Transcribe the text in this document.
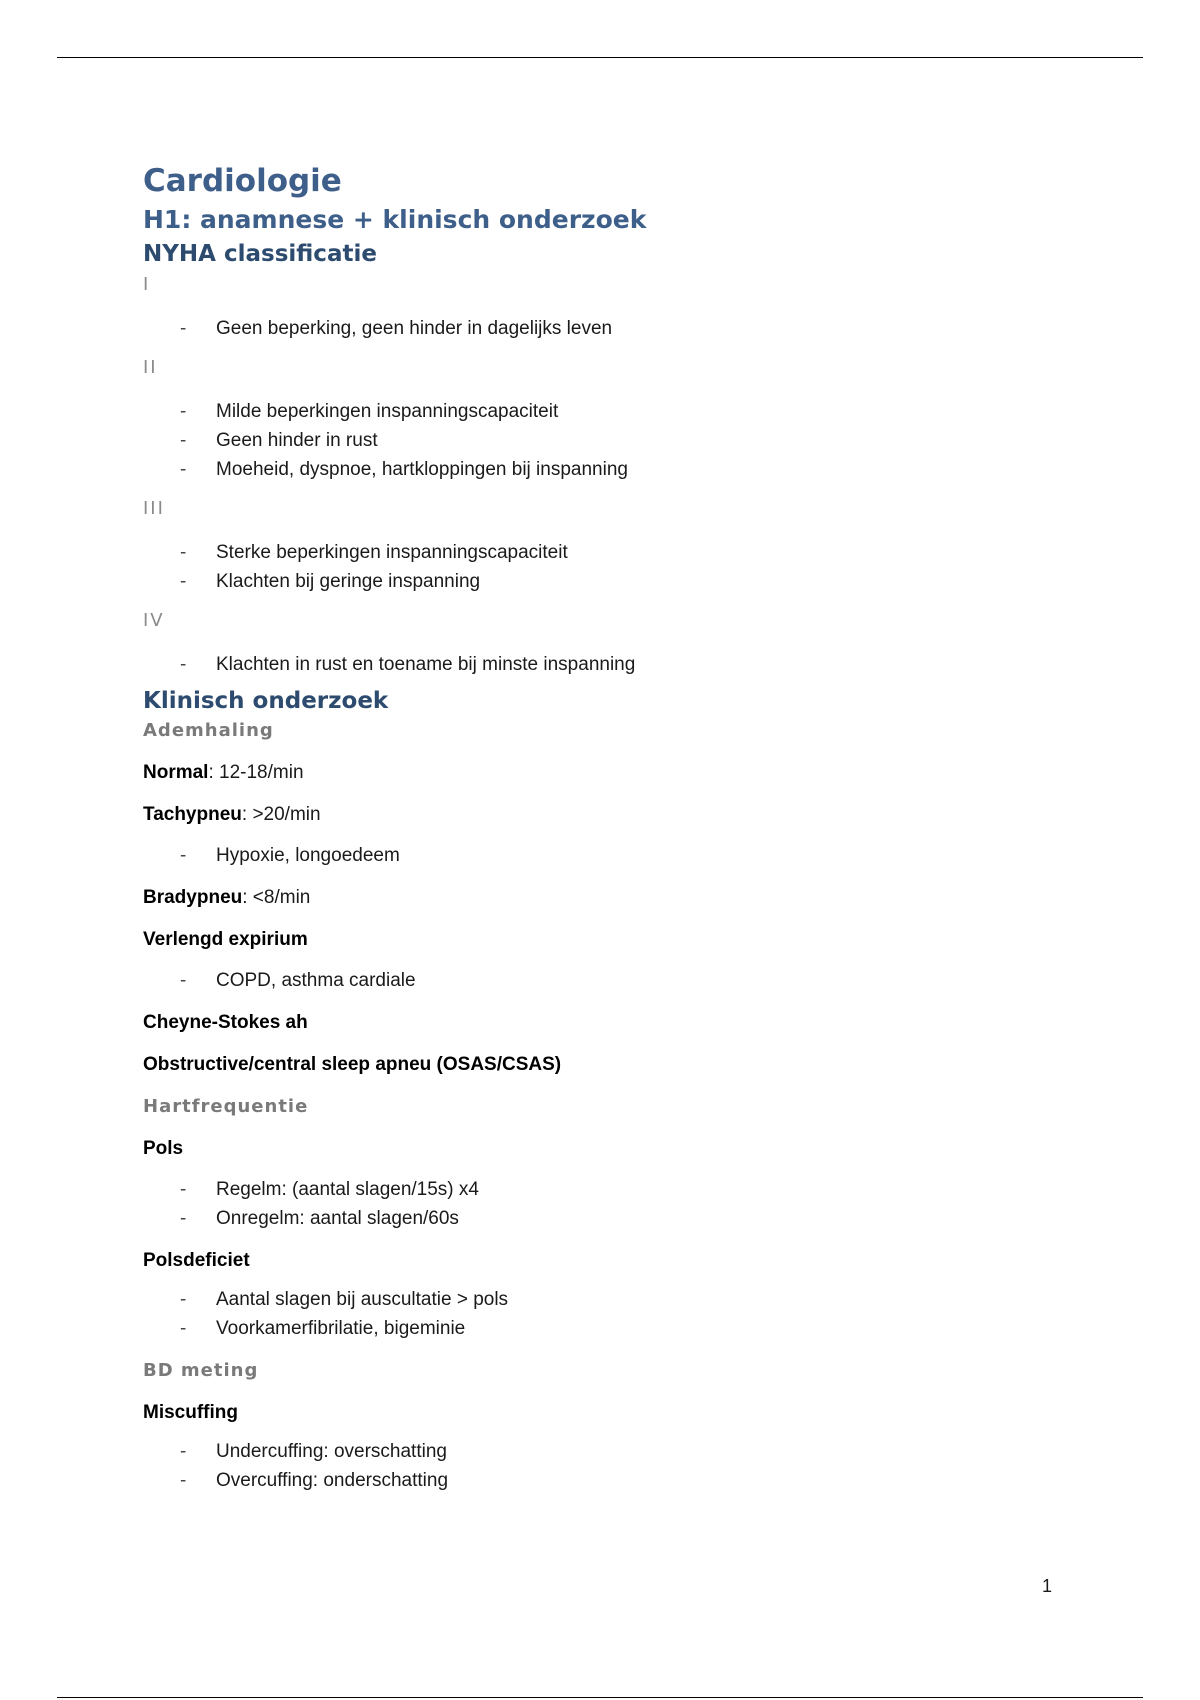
Cardiologie
H1: anamnese + klinisch onderzoek
NYHA classificatie
I
- Geen beperking, geen hinder in dagelijks leven
II
- Milde beperkingen inspanningscapaciteit
- Geen hinder in rust
- Moeheid, dyspnoe, hartkloppingen bij inspanning
III
- Sterke beperkingen inspanningscapaciteit
- Klachten bij geringe inspanning
IV
- Klachten in rust en toename bij minste inspanning
Klinisch onderzoek
Ademhaling

Normal: 12-18/min

Tachypneu: >20/min

- Hypoxie, longoedeem

Bradypneu: <8/min

Verlengd expirium

- COPD, asthma cardiale

Cheyne-Stokes ah

Obstructive/central sleep apneu (OSAS/CSAS)

Hartfrequentie

Pols

- Regelm: (aantal slagen/15s) x4
- Onregelm: aantal slagen/60s

Polsdeficiet

- Aantal slagen bij auscultatie > pols
- Voorkamerfibrilatie, bigeminie
BD meting

Miscuffing

- Undercuffing: overschatting
- Overcuffing: onderschatting
1
